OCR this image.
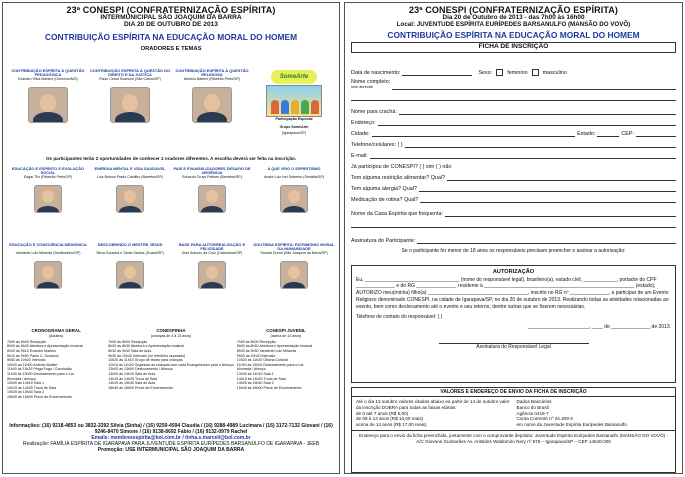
23ª CONESPI (CONFRATERNIZAÇÃO ESPÍRITA)
INTERMUNICIPAL SÃO JOAQUIM DA BARRA
DIA 20 DE OUTUBRO DE 2013
CONTRIBUIÇÃO ESPÍRITA NA EDUCAÇÃO MORAL DO HOMEM
ORADORES E TEMAS
CONTRIBUIÇÃO ESPÍRITA À QUESTÃO PEDAGÓGICA
Evandro Silva Martins (Ourinhos/MG)
CONTRIBUIÇÃO ESPÍRITA À QUESTÃO DO DIREITO E DA JUSTIÇA
Paulo Cesar Scarsoni (São Carlos/SP)
CONTRIBUIÇÃO ESPÍRITA À QUESTÃO RELIGIOSA
Antônio Baltieri (Ribeirão Preto/SP)	SomeArte
Participação Especial
Grupo SomeArte
(Igarapava/SP)
Os participantes terão 2 oportunidades de conhecer 2 oradores diferentes. A escolha deverá ser feita na inscrição.
EDUCAÇÃO E ESPÍRITO E EVOLUÇÃO SOCIAL
Edgar Tilo (Ribeirão Preto/SP)
ENERGIA MENTAL E VIDA SAUDÁVEL
Luiz Nelson Prado Castilho (Barretos/SP)
PAIS E EVANGELIZADORES DESAFIO DE URGÊNCIA
Eduardo Cruys Pelthes (Barretos/SP)
A QUE VEIO O ESPIRITISMO
André Luiz Ivel Sobreiro (Sertaña/SP)
EDUCAÇÃO E CONSCIÊNCIA MEDIÚNICA
Vanderlei Luiz Miranda (Sertãozinho/SP)
DESCOBRINDO O MESTRE JESUS
Silvia Gouveia e Sônia Santos (Guará/SP)
BASE PARA AUTORREALIZAÇÃO E FELICIDADE
José Antonio da Cruz (Catanduva/SP)
DOUTRINA ESPÍRITA: PATRIMÔNIO MORAL DA HUMANIDADE
Sandra Duran (São Joaquim da Barra/SP)
CRONOGRAMA GERAL
(Adultos)
7h00 às 8h00 Recepção
8h00 às 8h30 Abertura e Apresentação musical
8h30 às 9h10 Evandro Martins
9h10 às 9h50 Paulo C. Scarsoni
9h50 às 10h20 Intervalo
10h20 às 11h00 Antônio Baltieri
11h00 às 11h20 Ptnga Fogo / Conclusão
11h30 às 13h00 Deslocamento para o Lar
Alvorada / almoço
13h00 às 14h15 Sala 1
14h15 às 14h25 Troca de Sala
14h25 às 15h40 Sala 2
15h40 às 16h00 Prece de Encerramento
CONESPINHA
(crianças de 4 à 13 anos)
7h00 às 8h00 Recepção
8h00 às 8h30 Abertura e Apresentação musical
8h30 às 9h30 Sala de Aula
9h30 às 10h20 Intervalo (no refeitório separado)
10h20 às 11h10 Grupo de teatro para crianças
11h10 às 11h20 Organizar as crianças com cada Evangelizador para o Almoço
12h00 às 13h00 Deslocamento / Almoço
13h00 às 14h15 Sala de Aula
14h15 às 14h25 Troca de Sala
14h25 às 15h40 Sala de Aula
15h40 às 16h00 Prece de Encerramento
CONESPI JUVENIL
(acima de 14 anos)
7h00 às 8h00 Recepção
8h00 às 8h30 Abertura e Apresentação musical
8h30 às 9h30 Vanderlei Luiz Miranda
9h30 às 10h20 Intervalo
10h20 às 11h20 Oficina Cultural
11h20 às 13h00 Deslocamento para o Lar
Alvorada / Almoço
13h00 às 14h15 Sala 1
14h15 às 14h25 Troca de Sala
14h25 às 15h40 Sala 2
15h40 às 16h00 Prece de Encerramento
Informações: (16) 9218-4853 ou 3832-3392 Silvia (Sinha) / (16) 9250-4594 Claudia / (16) 9288-4989 Lucimara / (16) 3172-7132 Giovani / (16) 9246-8470 Simone / (16) 9138-8692 Fábio / (16) 9132-0979 Rachel
Emails: membresespirita@bol.com.br / tinha.s.marceli@bol.com.br
Realização: FAMÍLIA ESPÍRITA DE IGARAPAVA PARA JUVENTUDE ESPÍRITA EURÍPEDES BARSANULFO DE IGARAPAVA - JEEB
Promoção: USE INTERMUNICIPAL SÃO JOAQUIM DA BARRA
23ª CONESPI (CONFRATERNIZAÇÃO ESPÍRITA)
Dia 20 de Outubro de 2013 - das 7h00 às 16h00
Local: JUVENTUDE ESPÍRITA EURÍPEDES BARSANULFO (MANSÃO DO VOVÔ)
CONTRIBUIÇÃO ESPÍRITA NA EDUCAÇÃO MORAL DO HOMEM
FICHA DE INSCRIÇÃO
Data de nascimento:	Sexo:	feminino	masculino
Nome completo:
sem abreviar
Nome para crachá:
Endereço:
Cidade:	Estado:	CEP:
Telefone/celulares: ( )
E-mail:
Já participou de CONESPI? ( ) sim ( ) não
Tem alguma restrição alimentar? Qual?
Tem alguma alergia? Qual?
Medicação de rotina? Qual?
Nome da Casa Espírita que frequenta:
Assinatura do Participante:
Se o participante for menor de 18 anos os responsáveis precisam preencher e assinar a autorização:
AUTORIZAÇÃO
Eu, __________________________________ (nome do responsável legal), brasileiro(a), estado civil, ____________, portador do CPF ______________ e do RG ______________, residente à ______________________________________________________ (estado),
AUTORIZO meu(minha) filho(a) ____________________________________, inscrito no RG nº ______________, a participar de um Evento Religioso denominado CONESPI, na cidade de Igarapava/SP, no dia 20 de outubro de 2013. Realizando todas as atividades relacionadas ao evento, bem como deslocamento até o evento e seu retorno, dentre outras que se fizerem necessárias.
Telefone de contato do responsável: ( )
______________________, ____ de ______________ de 2013.
Assinatura do Responsável Legal
VALORES E ENDEREÇO DE ENVIO DA FICHA DE INSCRIÇÃO
Até o dia 13 outubro valores citados abaixo ea partir de 14 de outubro valor da inscrição DOBRA para todas as faixas etárias:
de 0 até 7 anos (R$ 5,00)
de 08 à 13 anos (R$ 10,00 reais)
acima de 14 anos (R$ 17,00 reais)
Dados Bancários
Banco do Brasil
Agência 0419-7
Conta Corrente nº 24.309-4
em nome da Juventude Espírita Eurípedes Barsanulfo
Endereço para o envio da ficha preenchida, juntamente com o comprovante depósito: Juventude Espírita Eurípedes Barsanulfo (MANSÃO DO VOVÔ) - A/C Giovane Guimarães Av. Aristides Waldomiro Nery nº 576 – Igarapava/SP – CEP 14540-000
